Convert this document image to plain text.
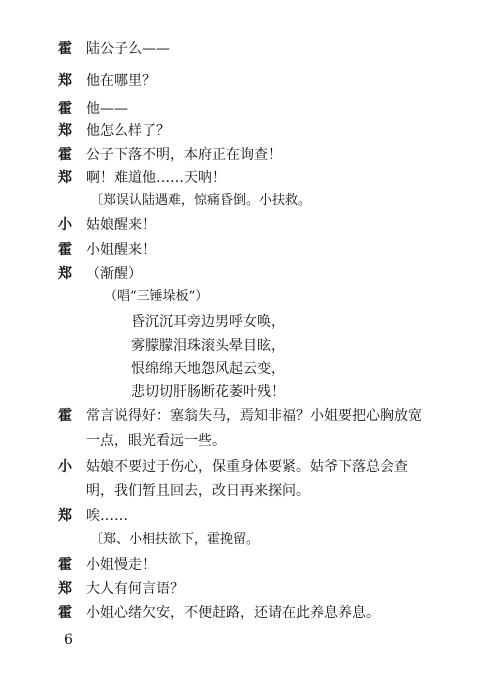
霍	陆公子么——
郑	他在哪里？
霍	他——
郑	他怎么样了？
霍	公子下落不明，本府正在询查！
郑	啊！难道他……天呐！
〔郑误认陆遇难，惊痛昏倒。小扶救。
小	姑娘醒来！
霍	小姐醒来！
郑	（渐醒）
（唱“三锤垛板”）
昏沉沉耳旁边男呼女唤，
雾朦朦泪珠滚头晕目眩，
恨绵绵天地怨风起云变，
悲切切肝肠断花萎叶残！
霍	常言说得好：塞翁失马，焉知非福？小姐要把心胸放宽
一点，眼光看远一些。
小	姑娘不要过于伤心，保重身体要紧。姑爷下落总会查
明，我们暂且回去，改日再来探问。
郑	唉……
〔郑、小相扶欲下，霍挽留。
霍	小姐慢走！
郑	大人有何言语？
霍	小姐心绪欠安，不便赶路，还请在此养息养息。
6
